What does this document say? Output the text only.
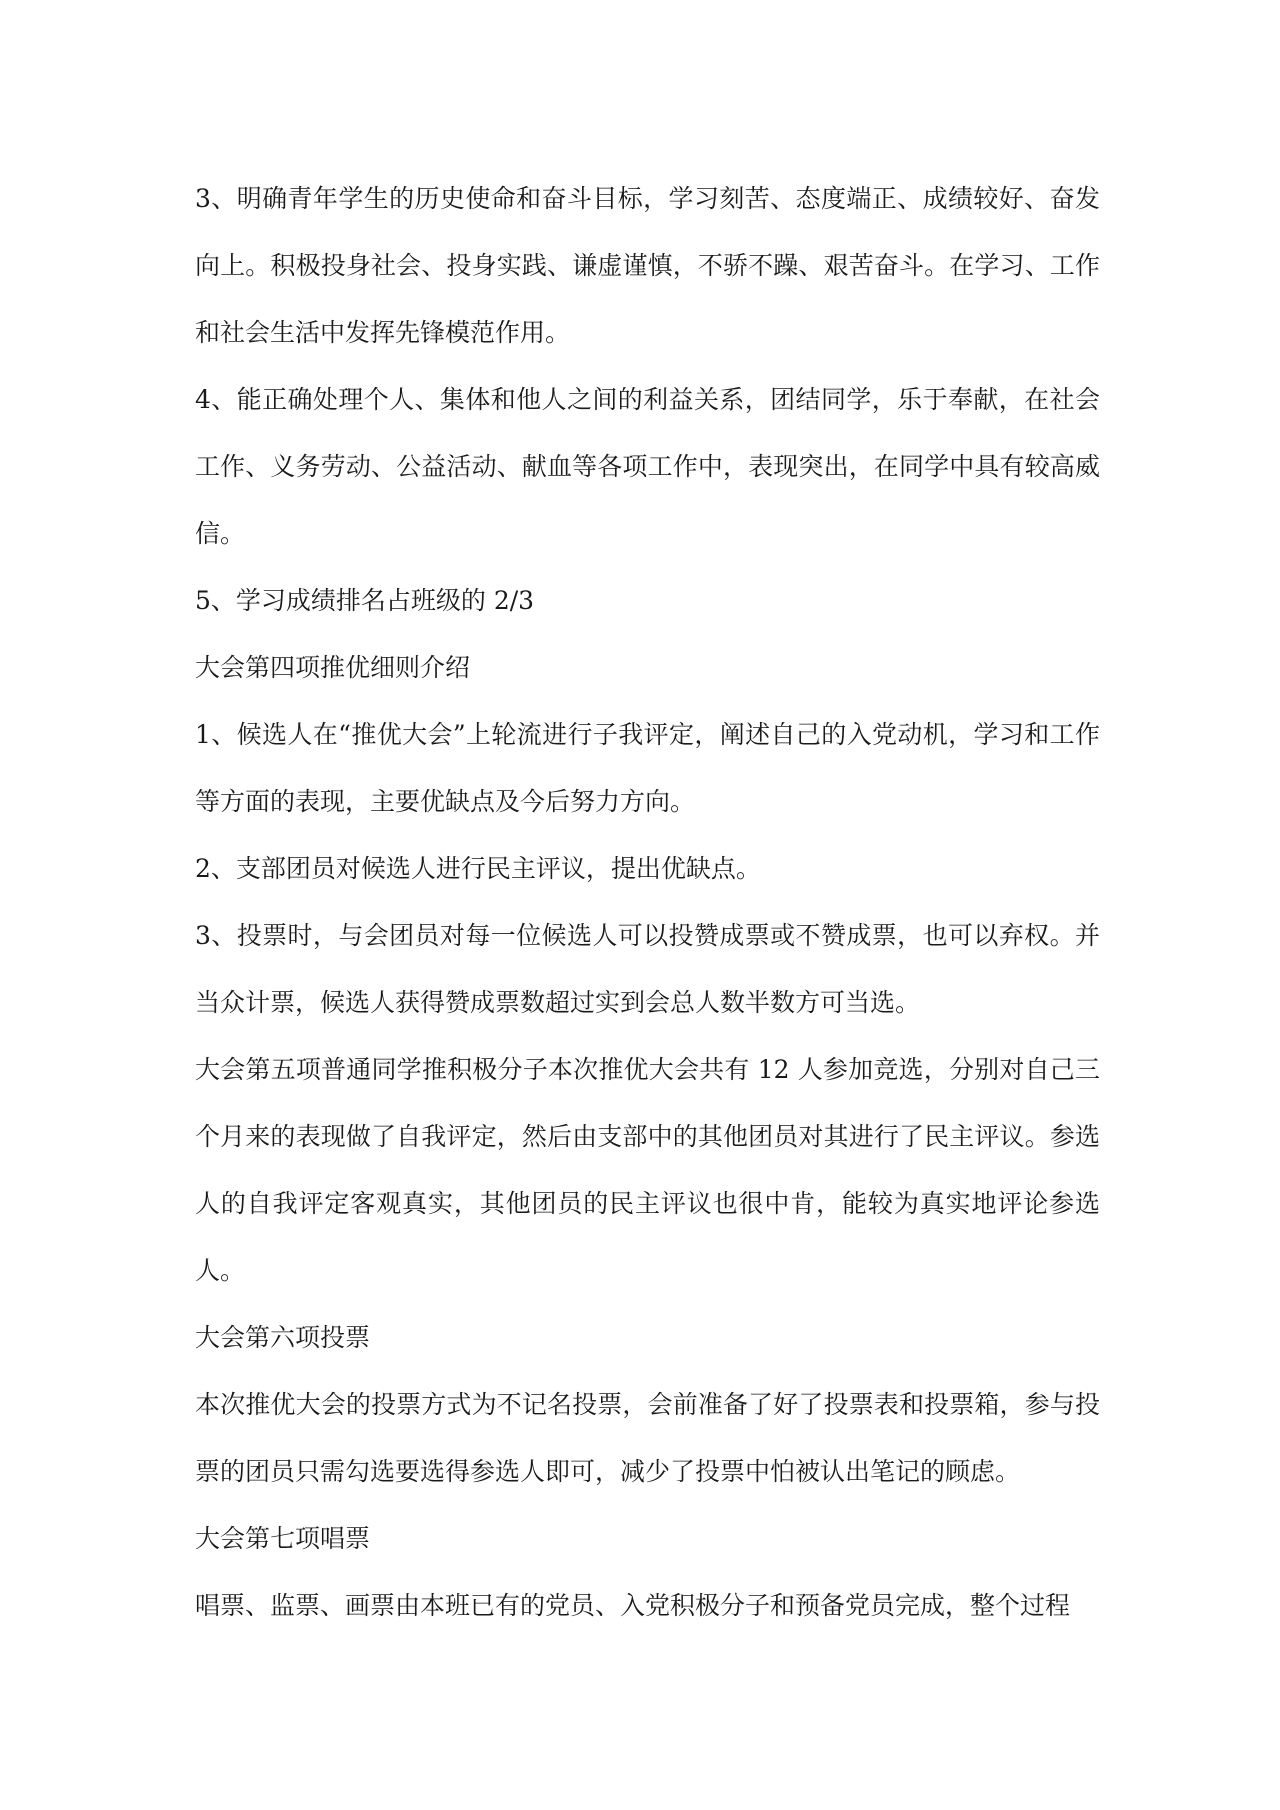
3、明确青年学生的历史使命和奋斗目标，学习刻苦、态度端正、成绩较好、奋发向上。积极投身社会、投身实践、谦虚谨慎，不骄不躁、艰苦奋斗。在学习、工作和社会生活中发挥先锋模范作用。

4、能正确处理个人、集体和他人之间的利益关系，团结同学，乐于奉献，在社会工作、义务劳动、公益活动、献血等各项工作中，表现突出，在同学中具有较高威信。

5、学习成绩排名占班级的 2/3

大会第四项推优细则介绍

1、候选人在“推优大会”上轮流进行子我评定，阐述自己的入党动机，学习和工作等方面的表现，主要优缺点及今后努力方向。

2、支部团员对候选人进行民主评议，提出优缺点。

3、投票时，与会团员对每一位候选人可以投赞成票或不赞成票，也可以弃权。并当众计票，候选人获得赞成票数超过实到会总人数半数方可当选。

大会第五项普通同学推积极分子本次推优大会共有 12 人参加竞选，分别对自己三个月来的表现做了自我评定，然后由支部中的其他团员对其进行了民主评议。参选人的自我评定客观真实，其他团员的民主评议也很中肯，能较为真实地评论参选人。

大会第六项投票

本次推优大会的投票方式为不记名投票，会前准备了好了投票表和投票箱，参与投票的团员只需勾选要选得参选人即可，减少了投票中怕被认出笔记的顾虑。

大会第七项唱票

唱票、监票、画票由本班已有的党员、入党积极分子和预备党员完成，整个过程
